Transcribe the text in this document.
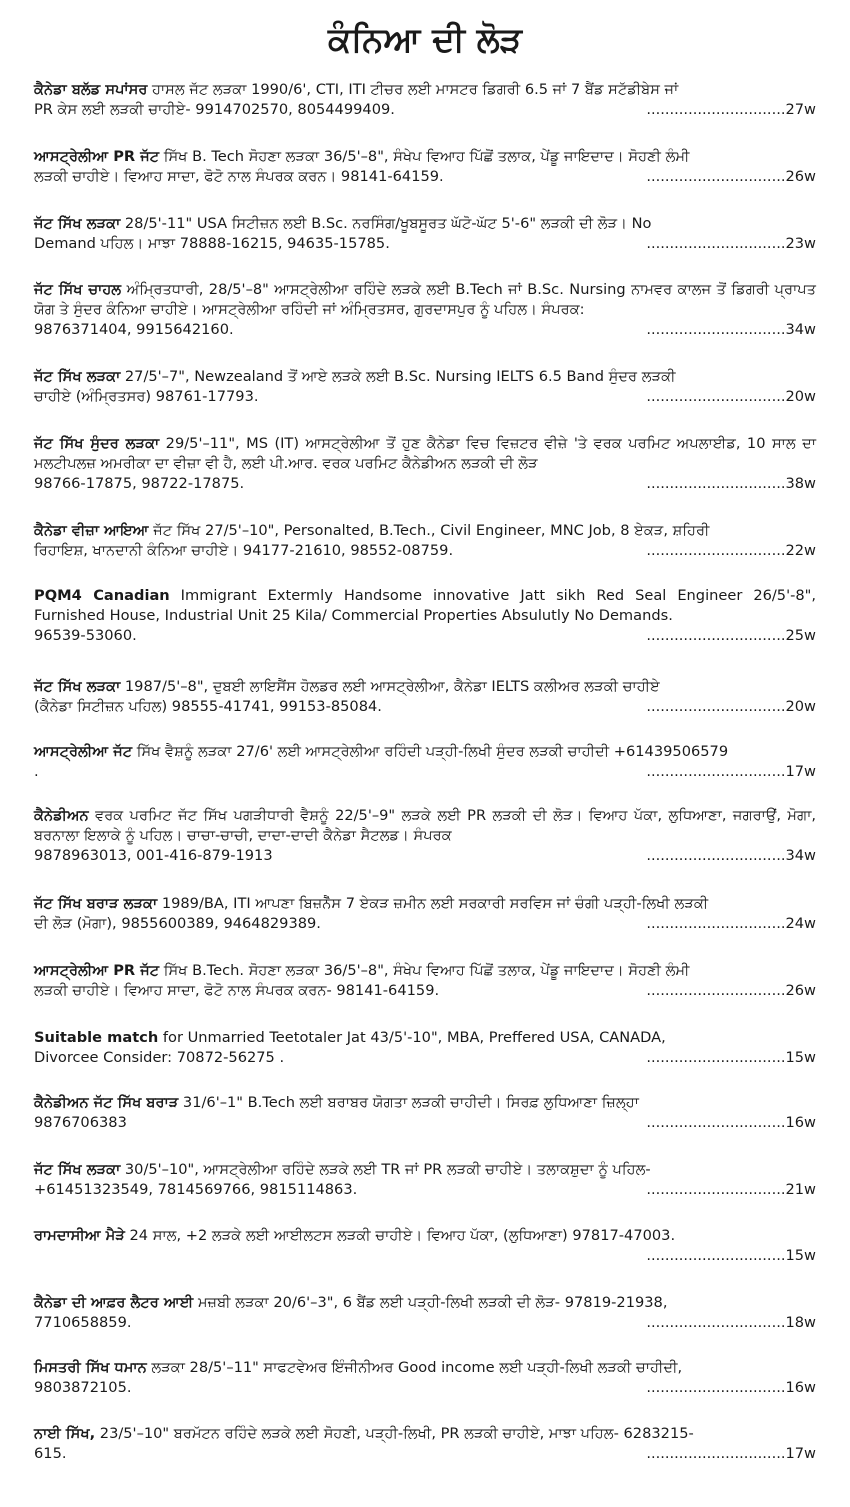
ਕੰਨਿਆ ਦੀ ਲੋੜ
ਕੈਨੇਡਾ ਬਲੱਡ ਸਪਾਂਸਰ ਹਾਸਲ ਜੱਟ ਲੜਕਾ 1990/6', CTI, ITI ਟੀਚਰ ਲਈ ਮਾਸਟਰ ਡਿਗਰੀ 6.5 ਜਾਂ 7 ਬੈਂਡ ਸਟੱਡੀਬੇਸ ਜਾਂ
PR ਕੇਸ ਲਈ ਲੜਕੀ ਚਾਹੀਏ- 9914702570, 8054499409.	..............................27w
ਆਸਟ੍ਰੇਲੀਆ PR ਜੱਟ ਸਿੱਖ B. Tech ਸੋਹਣਾ ਲੜਕਾ 36/5'–8", ਸੰਖੇਪ ਵਿਆਹ ਪਿੱਛੋਂ ਤਲਾਕ, ਪੇਂਡੂ ਜਾਇਦਾਦ। ਸੋਹਣੀ ਲੰਮੀ
ਲੜਕੀ ਚਾਹੀਏ। ਵਿਆਹ ਸਾਦਾ, ਫੋਟੋ ਨਾਲ ਸੰਪਰਕ ਕਰਨ। 98141-64159.	..............................26w
ਜੱਟ ਸਿੱਖ ਲੜਕਾ 28/5'-11" USA ਸਿਟੀਜ਼ਨ ਲਈ B.Sc. ਨਰਸਿੰਗ/ਖੂਬਸੂਰਤ ਘੱਟੋ-ਘੱਟ 5'-6" ਲੜਕੀ ਦੀ ਲੋੜ। No
Demand ਪਹਿਲ। ਮਾਝਾ 78888-16215, 94635-15785.	..............................23w
ਜੱਟ ਸਿੱਖ ਚਾਹਲ ਅੰਮ੍ਰਿਤਧਾਰੀ, 28/5'–8" ਆਸਟ੍ਰੇਲੀਆ ਰਹਿੰਦੇ ਲੜਕੇ ਲਈ B.Tech ਜਾਂ B.Sc. Nursing ਨਾਮਵਰ ਕਾਲਜ ਤੋਂ ਡਿਗਰੀ ਪ੍ਰਾਪਤ ਯੋਗ ਤੇ ਸੁੰਦਰ ਕੰਨਿਆ ਚਾਹੀਏ। ਆਸਟ੍ਰੇਲੀਆ ਰਹਿੰਦੀ ਜਾਂ ਅੰਮ੍ਰਿਤਸਰ, ਗੁਰਦਾਸਪੁਰ ਨੂੰ ਪਹਿਲ। ਸੰਪਰਕ:
9876371404, 9915642160.	..............................34w
ਜੱਟ ਸਿੱਖ ਲੜਕਾ 27/5'–7", Newzealand ਤੋਂ ਆਏ ਲੜਕੇ ਲਈ B.Sc. Nursing IELTS 6.5 Band ਸੁੰਦਰ ਲੜਕੀ
ਚਾਹੀਏ (ਅੰਮ੍ਰਿਤਸਰ) 98761-17793.	..............................20w
ਜੱਟ ਸਿੱਖ ਸੁੰਦਰ ਲੜਕਾ 29/5'–11", MS (IT) ਆਸਟ੍ਰੇਲੀਆ ਤੋਂ ਹੁਣ ਕੈਨੇਡਾ ਵਿਚ ਵਿਜ਼ਟਰ ਵੀਜ਼ੇ 'ਤੇ ਵਰਕ ਪਰਮਿਟ ਅਪਲਾਈਡ, 10 ਸਾਲ ਦਾ ਮਲਟੀਪਲਜ਼ ਅਮਰੀਕਾ ਦਾ ਵੀਜ਼ਾ ਵੀ ਹੈ, ਲਈ ਪੀ.ਆਰ. ਵਰਕ ਪਰਮਿਟ ਕੈਨੇਡੀਅਨ ਲੜਕੀ ਦੀ ਲੋੜ
98766-17875, 98722-17875.	..............................38w
ਕੈਨੇਡਾ ਵੀਜ਼ਾ ਆਇਆ ਜੱਟ ਸਿੱਖ 27/5'–10", Personalted, B.Tech., Civil Engineer, MNC Job, 8 ਏਕੜ, ਸ਼ਹਿਰੀ
ਰਿਹਾਇਸ਼, ਖਾਨਦਾਨੀ ਕੰਨਿਆ ਚਾਹੀਏ। 94177-21610, 98552-08759.	..............................22w
PQM4 Canadian Immigrant Extermly Handsome innovative Jatt sikh Red Seal Engineer 26/5'-8", Furnished House, Industrial Unit 25 Kila/ Commercial Properties Absulutly No Demands.
96539-53060.	..............................25w
ਜੱਟ ਸਿੱਖ ਲੜਕਾ 1987/5'–8", ਦੁਬਈ ਲਾਇਸੈਂਸ ਹੋਲਡਰ ਲਈ ਆਸਟ੍ਰੇਲੀਆ, ਕੈਨੇਡਾ IELTS ਕਲੀਅਰ ਲੜਕੀ ਚਾਹੀਏ
(ਕੈਨੇਡਾ ਸਿਟੀਜ਼ਨ ਪਹਿਲ) 98555-41741, 99153-85084.	..............................20w
ਆਸਟ੍ਰੇਲੀਆ ਜੱਟ ਸਿੱਖ ਵੈਸ਼ਨੂੰ ਲੜਕਾ 27/6' ਲਈ ਆਸਟ੍ਰੇਲੀਆ ਰਹਿੰਦੀ ਪੜ੍ਹੀ-ਲਿਖੀ ਸੁੰਦਰ ਲੜਕੀ ਚਾਹੀਦੀ +61439506579
.	..............................17w
ਕੈਨੇਡੀਅਨ ਵਰਕ ਪਰਮਿਟ ਜੱਟ ਸਿੱਖ ਪਗੜੀਧਾਰੀ ਵੈਸ਼ਨੂੰ 22/5'–9" ਲੜਕੇ ਲਈ PR ਲੜਕੀ ਦੀ ਲੋੜ। ਵਿਆਹ ਪੱਕਾ, ਲੁਧਿਆਣਾ, ਜਗਰਾਉਂ, ਮੋਗਾ, ਬਰਨਾਲਾ ਇਲਾਕੇ ਨੂੰ ਪਹਿਲ। ਚਾਚਾ-ਚਾਚੀ, ਦਾਦਾ-ਦਾਦੀ ਕੈਨੇਡਾ ਸੈਟਲਡ। ਸੰਪਰਕ
9878963013, 001-416-879-1913	..............................34w
ਜੱਟ ਸਿੱਖ ਬਰਾੜ ਲੜਕਾ 1989/BA, ITI ਆਪਣਾ ਬਿਜ਼ਨੈੱਸ 7 ਏਕੜ ਜ਼ਮੀਨ ਲਈ ਸਰਕਾਰੀ ਸਰਵਿਸ ਜਾਂ ਚੰਗੀ ਪੜ੍ਹੀ-ਲਿਖੀ ਲੜਕੀ
ਦੀ ਲੋੜ (ਮੋਗਾ), 9855600389, 9464829389.	..............................24w
ਆਸਟ੍ਰੇਲੀਆ PR ਜੱਟ ਸਿੱਖ B.Tech. ਸੋਹਣਾ ਲੜਕਾ 36/5'–8", ਸੰਖੇਪ ਵਿਆਹ ਪਿੱਛੋਂ ਤਲਾਕ, ਪੇਂਡੂ ਜਾਇਦਾਦ। ਸੋਹਣੀ ਲੰਮੀ
ਲੜਕੀ ਚਾਹੀਏ। ਵਿਆਹ ਸਾਦਾ, ਫੋਟੋ ਨਾਲ ਸੰਪਰਕ ਕਰਨ- 98141-64159.	..............................26w
Suitable match for Unmarried Teetotaler Jat 43/5'-10", MBA, Preffered USA, CANADA,
Divorcee Consider: 70872-56275 .	..............................15w
ਕੈਨੇਡੀਅਨ ਜੱਟ ਸਿੱਖ ਬਰਾੜ 31/6'–1" B.Tech ਲਈ ਬਰਾਬਰ ਯੋਗਤਾ ਲੜਕੀ ਚਾਹੀਦੀ। ਸਿਰਫ਼ ਲੁਧਿਆਣਾ ਜ਼ਿਲ੍ਹਾ
9876706383	..............................16w
ਜੱਟ ਸਿੱਖ ਲੜਕਾ 30/5'–10", ਆਸਟ੍ਰੇਲੀਆ ਰਹਿੰਦੇ ਲੜਕੇ ਲਈ TR ਜਾਂ PR ਲੜਕੀ ਚਾਹੀਏ। ਤਲਾਕਸ਼ੁਦਾ ਨੂੰ ਪਹਿਲ-
+61451323549, 7814569766, 9815114863.	..............................21w
ਰਾਮਦਾਸੀਆ ਮੈੜੇ 24 ਸਾਲ, +2 ਲੜਕੇ ਲਈ ਆਈਲਟਸ ਲੜਕੀ ਚਾਹੀਏ। ਵਿਆਹ ਪੱਕਾ, (ਲੁਧਿਆਣਾ) 97817-47003.
..............................15w
ਕੈਨੇਡਾ ਦੀ ਆਫ਼ਰ ਲੈਟਰ ਆਈ ਮਜ਼ਬੀ ਲੜਕਾ 20/6'–3", 6 ਬੈਂਡ ਲਈ ਪੜ੍ਹੀ-ਲਿਖੀ ਲੜਕੀ ਦੀ ਲੋੜ- 97819-21938,
7710658859.	..............................18w
ਮਿਸਤਰੀ ਸਿੱਖ ਧਮਾਨ ਲੜਕਾ 28/5'–11" ਸਾਫਟਵੇਅਰ ਇੰਜੀਨੀਅਰ Good income ਲਈ ਪੜ੍ਹੀ-ਲਿਖੀ ਲੜਕੀ ਚਾਹੀਦੀ,
9803872105.	..............................16w
ਨਾਈ ਸਿੱਖ, 23/5'–10" ਬਰਮੱਟਨ ਰਹਿੰਦੇ ਲੜਕੇ ਲਈ ਸੋਹਣੀ, ਪੜ੍ਹੀ-ਲਿਖੀ, PR ਲੜਕੀ ਚਾਹੀਏ, ਮਾਝਾ ਪਹਿਲ- 6283215-
615.	..............................17w
